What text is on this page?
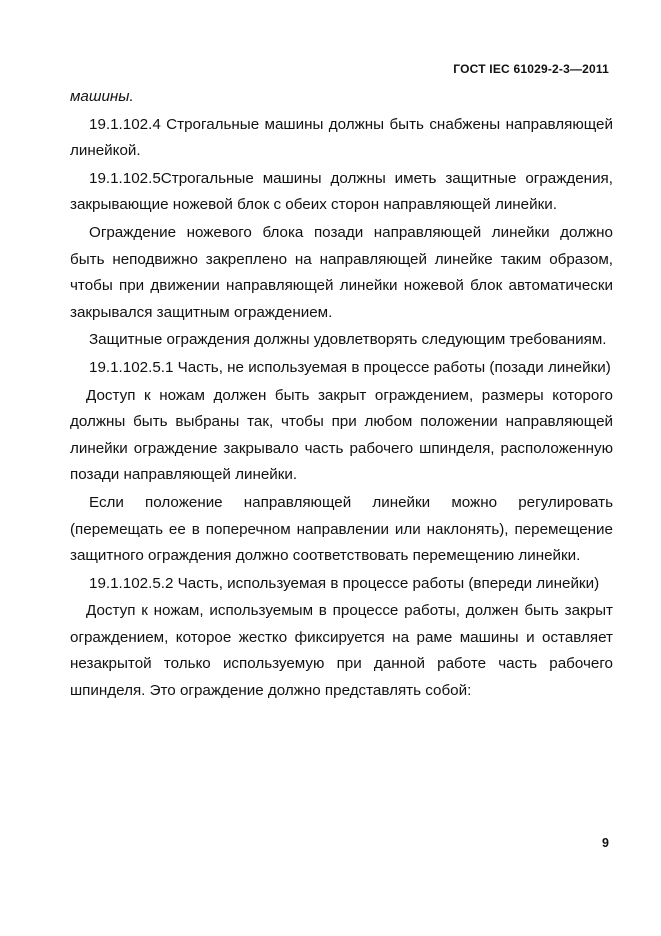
ГОСТ IEC 61029-2-3—2011

машины.

19.1.102.4 Строгальные машины должны быть снабжены направляющей линейкой.

19.1.102.5Строгальные машины должны иметь защитные ограждения, закрывающие ножевой блок с обеих сторон направляющей линейки.

Ограждение ножевого блока позади направляющей линейки должно быть неподвижно закреплено на направляющей линейке таким образом, чтобы при движении направляющей линейки ножевой блок автоматически закрывался защитным ограждением.

Защитные ограждения должны удовлетворять следующим требованиям.

19.1.102.5.1 Часть, не используемая в процессе работы (позади линейки)

Доступ к ножам должен быть закрыт ограждением, размеры которого должны быть выбраны так, чтобы при любом положении направляющей линейки ограждение закрывало часть рабочего шпинделя, расположенную позади направляющей линейки.

Если положение направляющей линейки можно регулировать (перемещать ее в поперечном направлении или наклонять), перемещение защитного ограждения должно соответствовать перемещению линейки.

19.1.102.5.2 Часть, используемая в процессе работы (впереди линейки)

Доступ к ножам, используемым в процессе работы, должен быть закрыт ограждением, которое жестко фиксируется на раме машины и оставляет незакрытой только используемую при данной работе часть рабочего шпинделя. Это ограждение должно представлять собой:

9
